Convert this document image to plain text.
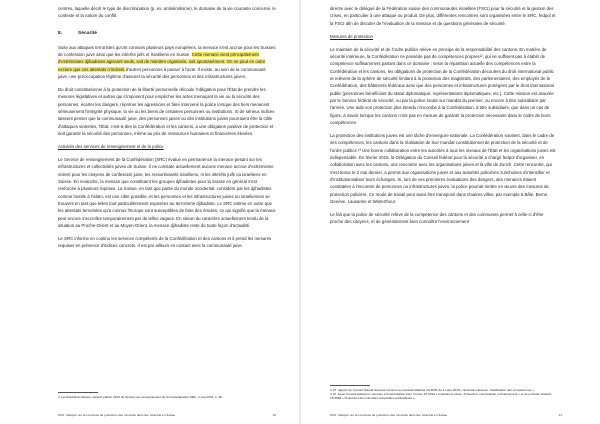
centres, laquelle décrit le type de discrimination (p. ex. antisémitisme), le domaine de la vie courante concerné, le contexte et la nature du conflit.

8.	Sécurité

Suite aux attaques terroristes qu'ont connues plusieurs pays européens, la menace s'est accrue pour les Suisses de confession juive ainsi que les intérêts juifs et israéliens en Suisse. Cette menace vient principalement d'extrémistes djihadistes agissant seuls, soit de manière organisée, soit spontanément. On ne peut en outre exclure que ces attentats n'incitent d'autres personnes à passer à l'acte. Il existe, au sein de la communauté juive, une préoccupation légitime d'assurer la sécurité des personnes et des infrastructures juives.

Du droit constitutionnel à la protection de la liberté personnelle découle l'obligation pour l'État de prendre les mesures législatives et autres qui s'imposent pour empêcher les actes menaçant la vie ou la sécurité des personnes, écarter les dangers, réprimer les agressions et faire intervenir la police lorsque des tiers menacent sérieusement l'intégrité physique, la vie ou les biens de certaines personnes ou institutions. Si de sérieux indices laissent penser que la communauté juive, des personnes juives ou des institutions juives pourraient être la cible d'attaques violentes, l'État, c'est-à-dire la Confédération et les cantons, a une obligation positive de protection et doit garantir la sécurité des personnes, même au prix de ressources humaines et financières élevées.

Activités des services de renseignement et de la police

Le Service de renseignement de la Confédération (SRC) évalue en permanence la menace pesant sur les infrastructures et collectivités juives de Suisse. Il ne constate actuellement aucune menace accrue d'extrémisme violent pour les citoyens de confession juive, les ressortissants israéliens, ni les intérêts juifs ou israéliens en Suisse. En revanche, la menace que constituent les groupes djihadistes pour la Suisse en général s'est renforcée à plusieurs reprises. La Suisse, en tant que partie du monde occidental, considéré par les djihadistes comme hostile à l'islam, est une cible possible, et les personnes et les infrastructures juives ou israéliennes se trouvent en tant que telles tout particulièrement exposées au terrorisme djihadiste. Le SRC estime en outre que les attentats terroristes qu'a connus l'Europe sont susceptibles de faire des émules, ce qui signifie que la menace peut encore s'accroître temporairement par de telles vagues. En raison du caractère actuellement tendu de la situation au Proche-Orient et au Moyen-Orient, la menace djihadiste reste de toute façon d'actualité.

Le SRC informe en continu les services compétents de la Confédération et des cantons et il prend les mesures requises en présence d'indices concrets. Il est par ailleurs en contact avec la communauté juive.

¹¹ Lendroubliedu Suisse, rapport édition 2016 du Service de renseignement de la Confédération SRC, 2 mai 2016, p. 45.

SLR - Rapport sur les mesures de protection des minorités dans leur diversité en Suisse	10

directe avec le délégué de la Fédération suisse des communautés israélites (FSCI) pour la sécurité et la gestion des crises, en particulier à une attaque ou produit. De plus, différentes rencontres sont organisées entre le SRC, fedpol et la FSCI afin de discuter de l'évaluation de la menace et de questions générales de sécurité.

Mesures de protection

Le maintien de la sécurité et de l'ordre publics relève en principe de la responsabilité des cantons. En matière de sécurité intérieure, la Confédération ne possède pas de compétences propres¹², qui ne suffisent pas à établir de compétence suffisamment parlant dans ce domaine : selon la répartition actuelle des compétences entre la Confédération et les cantons, les obligations de protection de la Confédération découlent du droit international public et relèvent de la sphère de sécurité limitant à la protection des magistrats, des parlementaires, des employés de la Confédération, des bâtiments fédéraux ainsi que des personnes et infrastructures protégées par le droit international public (personnes bénéficiant du statut diplomatique, représentations diplomatiques, etc.). Cette mission est assurée par le Service fédéral de sécurité, ou par la police locale sur mandat du premier, ou encore à titre subsidiaire par l'armée. Une aide voir protection plus étendu n'incombe à la Confédération, à titre subsidiaire, que dans un cas de figure, à savoir lorsque les cantons n'ont pas en mesure de garantir la protection nécessaire dans le cadre de leurs compétences.

La protection des institutions juives est une tâche d'envergure nationale. La Confédération soutient, dans le cadre de ses compétences, les cantons dans la réalisation de leur mandat constitutionnel de protection de la sécurité et de l'ordre publics.¹³ Une bonne collaboration entre les autorités à tous les niveaux de l'État et les organisations juives est indispensable. En février 2016, la Délégation du Conseil fédéral pour la sécurité a chargé fedpol d'organiser, en collaboration avec les cantons, une rencontre avec les organisations juives et la ville de Zurich. Cette rencontre, qui s'est tenue le 2 mai dernier, a permis aux organisations juives et aux autorités policières zurichoises d'intensifier et d'institutionnaliser leurs échanges. Si, lors de ces premières évaluations des dangers, des menaces étaient constatées à l'encontre de personnes ou infrastructures juives, la police pourrait mettre en œuvre des mesures de protection policière. Ce mode de travail peut aussi être transposé dans d'autres villes, par exemple à Bâle, Berne, Genève, Lausanne et Winterthour.

Le fait que la police de sécurité relève de la compétence des cantons et des communes permet à celle-ci d'être proche des citoyens, et de généralement bien connaître l'environnement

¹² Cf. rapport du Conseil fédéral donnant réponse au postulat Malama 10.3045 du 3 mars 2010 « Sécurité intérieure. Clarification des compétences ».

¹³ Cf. aussi Conseil fédéral en réponse à l'interpellation Fiez Yvonne 15.3010 « Institutions juives. Protection, coordination et financement » et au postulat Jositsch 16.3658 « Protection des minorités vulnérables particulières ».

SLR - Rapport sur les mesures de protection des minorités dans leur diversité en Suisse	11
